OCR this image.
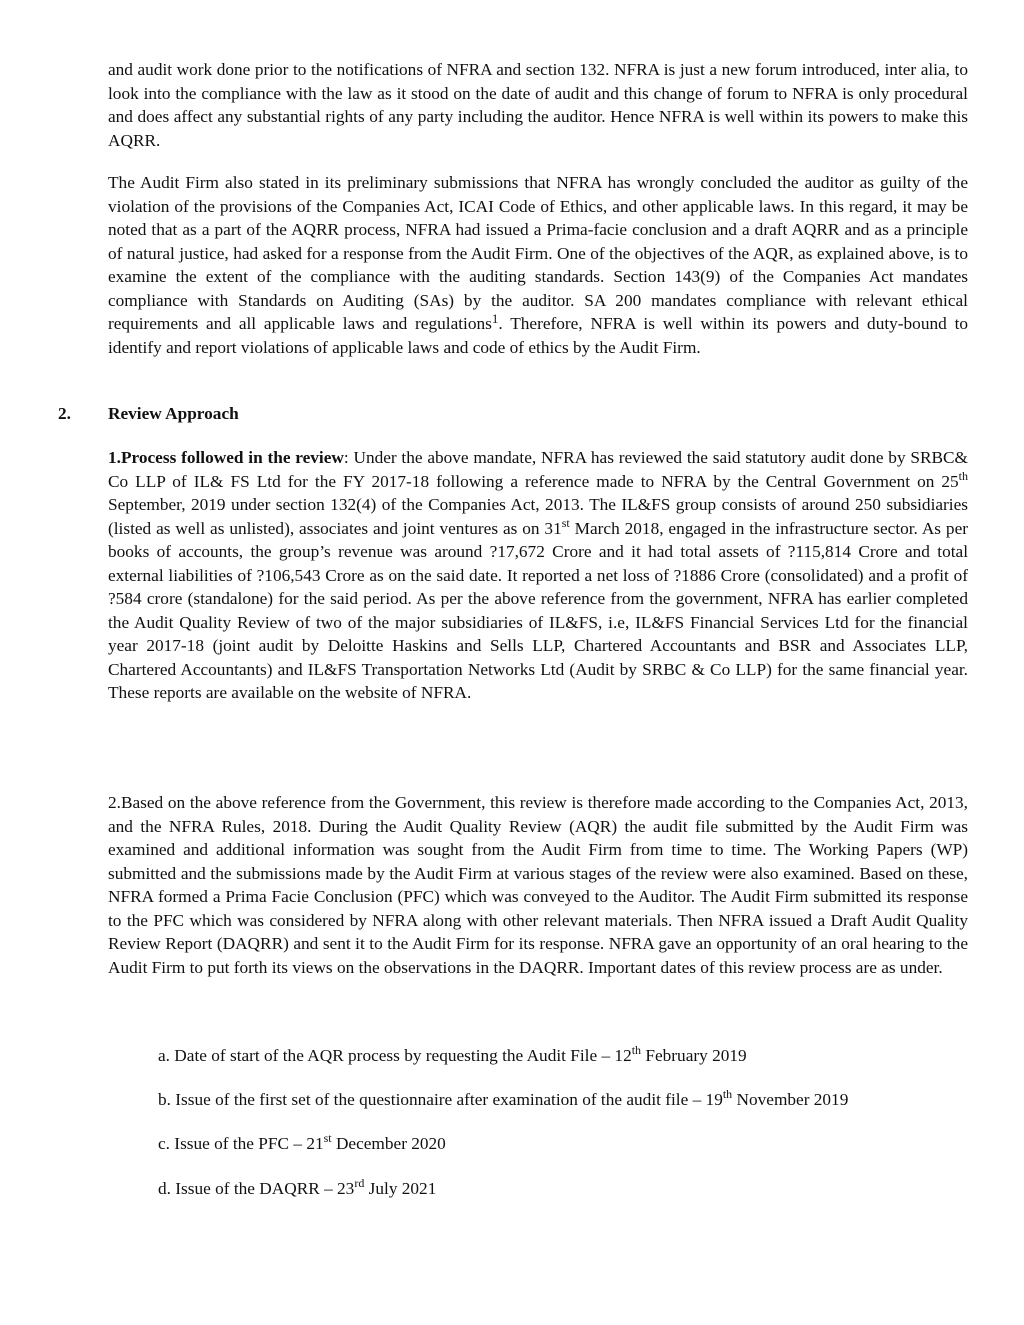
and audit work done prior to the notifications of NFRA and section 132. NFRA is just a new forum introduced, inter alia, to look into the compliance with the law as it stood on the date of audit and this change of forum to NFRA is only procedural and does affect any substantial rights of any party including the auditor. Hence NFRA is well within its powers to make this AQRR.

The Audit Firm also stated in its preliminary submissions that NFRA has wrongly concluded the auditor as guilty of the violation of the provisions of the Companies Act, ICAI Code of Ethics, and other applicable laws. In this regard, it may be noted that as a part of the AQRR process, NFRA had issued a Prima-facie conclusion and a draft AQRR and as a principle of natural justice, had asked for a response from the Audit Firm. One of the objectives of the AQR, as explained above, is to examine the extent of the compliance with the auditing standards. Section 143(9) of the Companies Act mandates compliance with Standards on Auditing (SAs) by the auditor. SA 200 mandates compliance with relevant ethical requirements and all applicable laws and regulations$^1$. Therefore, NFRA is well within its powers and duty-bound to identify and report violations of applicable laws and code of ethics by the Audit Firm.

2. Review Approach

1.Process followed in the review: Under the above mandate, NFRA has reviewed the said statutory audit done by SRBC& Co LLP of IL& FS Ltd for the FY 2017-18 following a reference made to NFRA by the Central Government on 25th September, 2019 under section 132(4) of the Companies Act, 2013. The IL&FS group consists of around 250 subsidiaries (listed as well as unlisted), associates and joint ventures as on 31st March 2018, engaged in the infrastructure sector. As per books of accounts, the group’s revenue was around ?17,672 Crore and it had total assets of ?115,814 Crore and total external liabilities of ?106,543 Crore as on the said date. It reported a net loss of ?1886 Crore (consolidated) and a profit of ?584 crore (standalone) for the said period. As per the above reference from the government, NFRA has earlier completed the Audit Quality Review of two of the major subsidiaries of IL&FS, i.e, IL&FS Financial Services Ltd for the financial year 2017-18 (joint audit by Deloitte Haskins and Sells LLP, Chartered Accountants and BSR and Associates LLP, Chartered Accountants) and IL&FS Transportation Networks Ltd (Audit by SRBC & Co LLP) for the same financial year. These reports are available on the website of NFRA.

2.Based on the above reference from the Government, this review is therefore made according to the Companies Act, 2013, and the NFRA Rules, 2018. During the Audit Quality Review (AQR) the audit file submitted by the Audit Firm was examined and additional information was sought from the Audit Firm from time to time. The Working Papers (WP) submitted and the submissions made by the Audit Firm at various stages of the review were also examined. Based on these, NFRA formed a Prima Facie Conclusion (PFC) which was conveyed to the Auditor. The Audit Firm submitted its response to the PFC which was considered by NFRA along with other relevant materials. Then NFRA issued a Draft Audit Quality Review Report (DAQRR) and sent it to the Audit Firm for its response. NFRA gave an opportunity of an oral hearing to the Audit Firm to put forth its views on the observations in the DAQRR. Important dates of this review process are as under.

a. Date of start of the AQR process by requesting the Audit File – 12th February 2019

b. Issue of the first set of the questionnaire after examination of the audit file – 19th November 2019

c. Issue of the PFC – 21st December 2020

d. Issue of the DAQRR – 23rd July 2021
